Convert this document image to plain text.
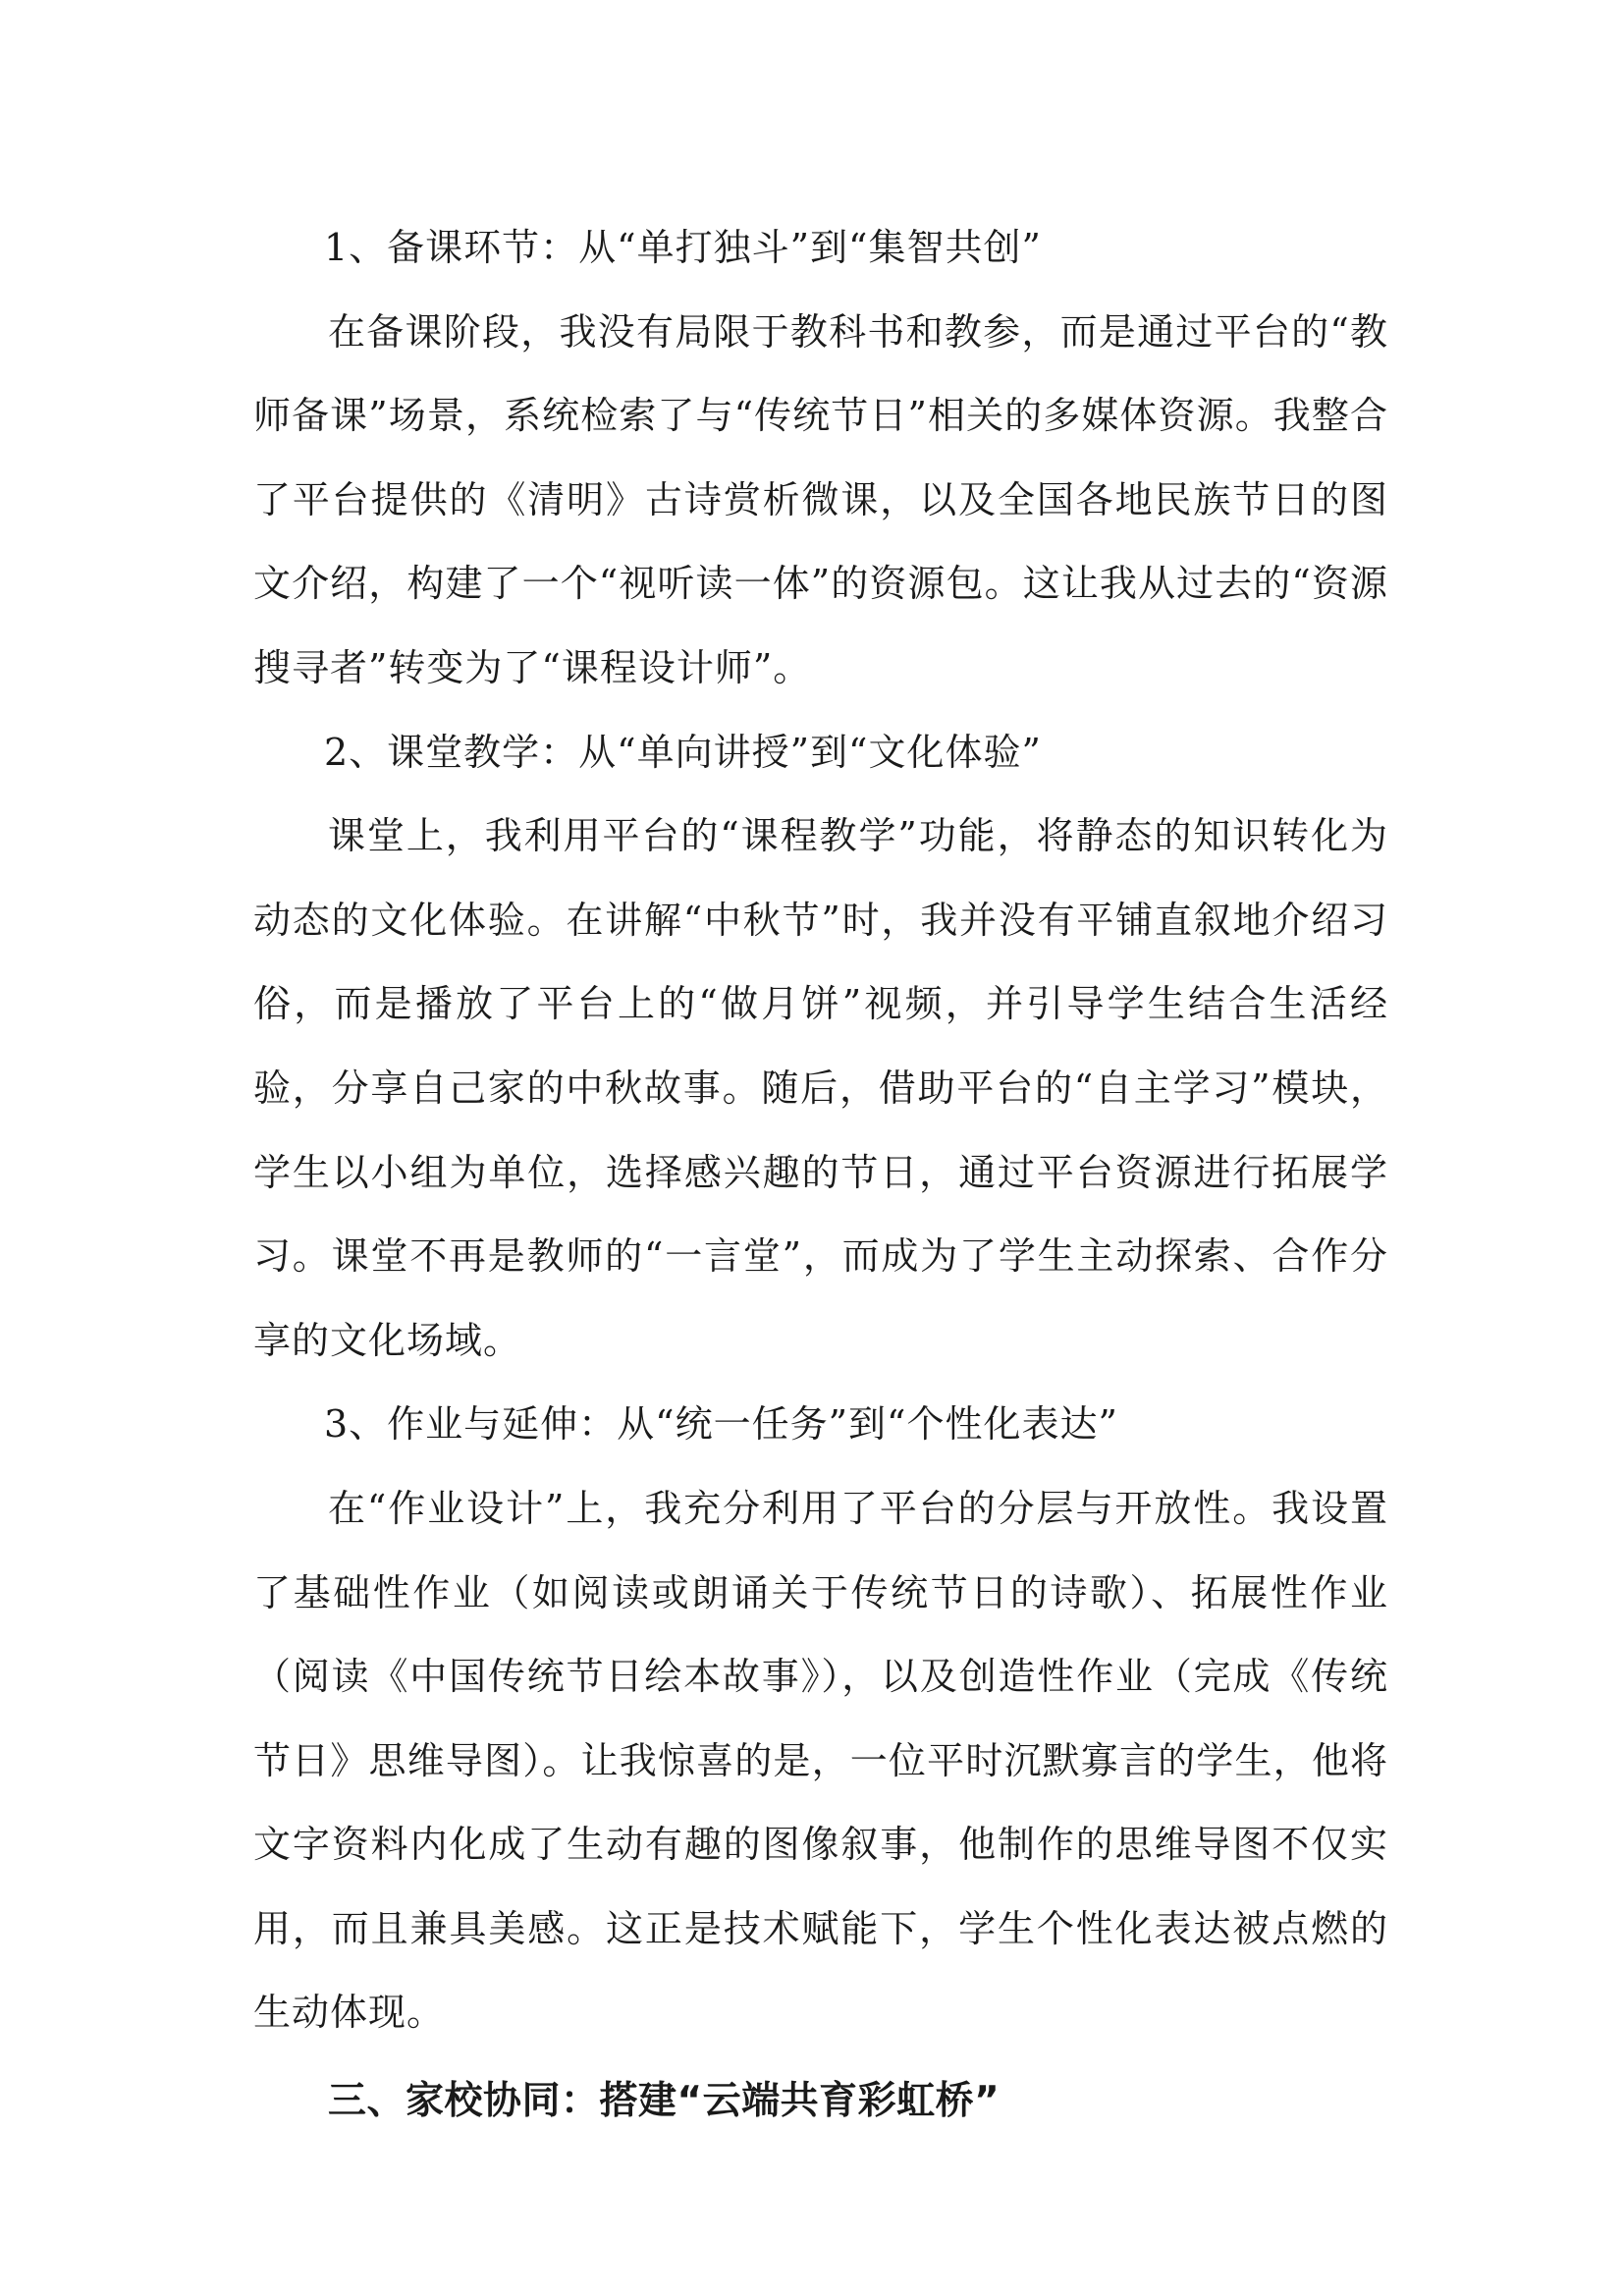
1、备课环节：从“单打独斗”到“集智共创”

在备课阶段，我没有局限于教科书和教参，而是通过平台的“教师备课”场景，系统检索了与“传统节日”相关的多媒体资源。我整合了平台提供的《清明》古诗赏析微课，以及全国各地民族节日的图文介绍，构建了一个“视听读一体”的资源包。这让我从过去的“资源搜寻者”转变为了“课程设计师”。

2、课堂教学：从“单向讲授”到“文化体验”

课堂上，我利用平台的“课程教学”功能，将静态的知识转化为动态的文化体验。在讲解“中秋节”时，我并没有平铺直叙地介绍习俗，而是播放了平台上的“做月饼”视频，并引导学生结合生活经验，分享自己家的中秋故事。随后，借助平台的“自主学习”模块，学生以小组为单位，选择感兴趣的节日，通过平台资源进行拓展学习。课堂不再是教师的“一言堂”，而成为了学生主动探索、合作分享的文化场域。

3、作业与延伸：从“统一任务”到“个性化表达”

在“作业设计”上，我充分利用了平台的分层与开放性。我设置了基础性作业（如阅读或朗诵关于传统节日的诗歌）、拓展性作业（阅读《中国传统节日绘本故事》），以及创造性作业（完成《传统节日》思维导图）。让我惊喜的是，一位平时沉默寡言的学生，他将文字资料内化成了生动有趣的图像叙事，他制作的思维导图不仅实用，而且兼具美感。这正是技术赋能下，学生个性化表达被点燃的生动体现。

三、家校协同：搭建“云端共育彩虹桥”
